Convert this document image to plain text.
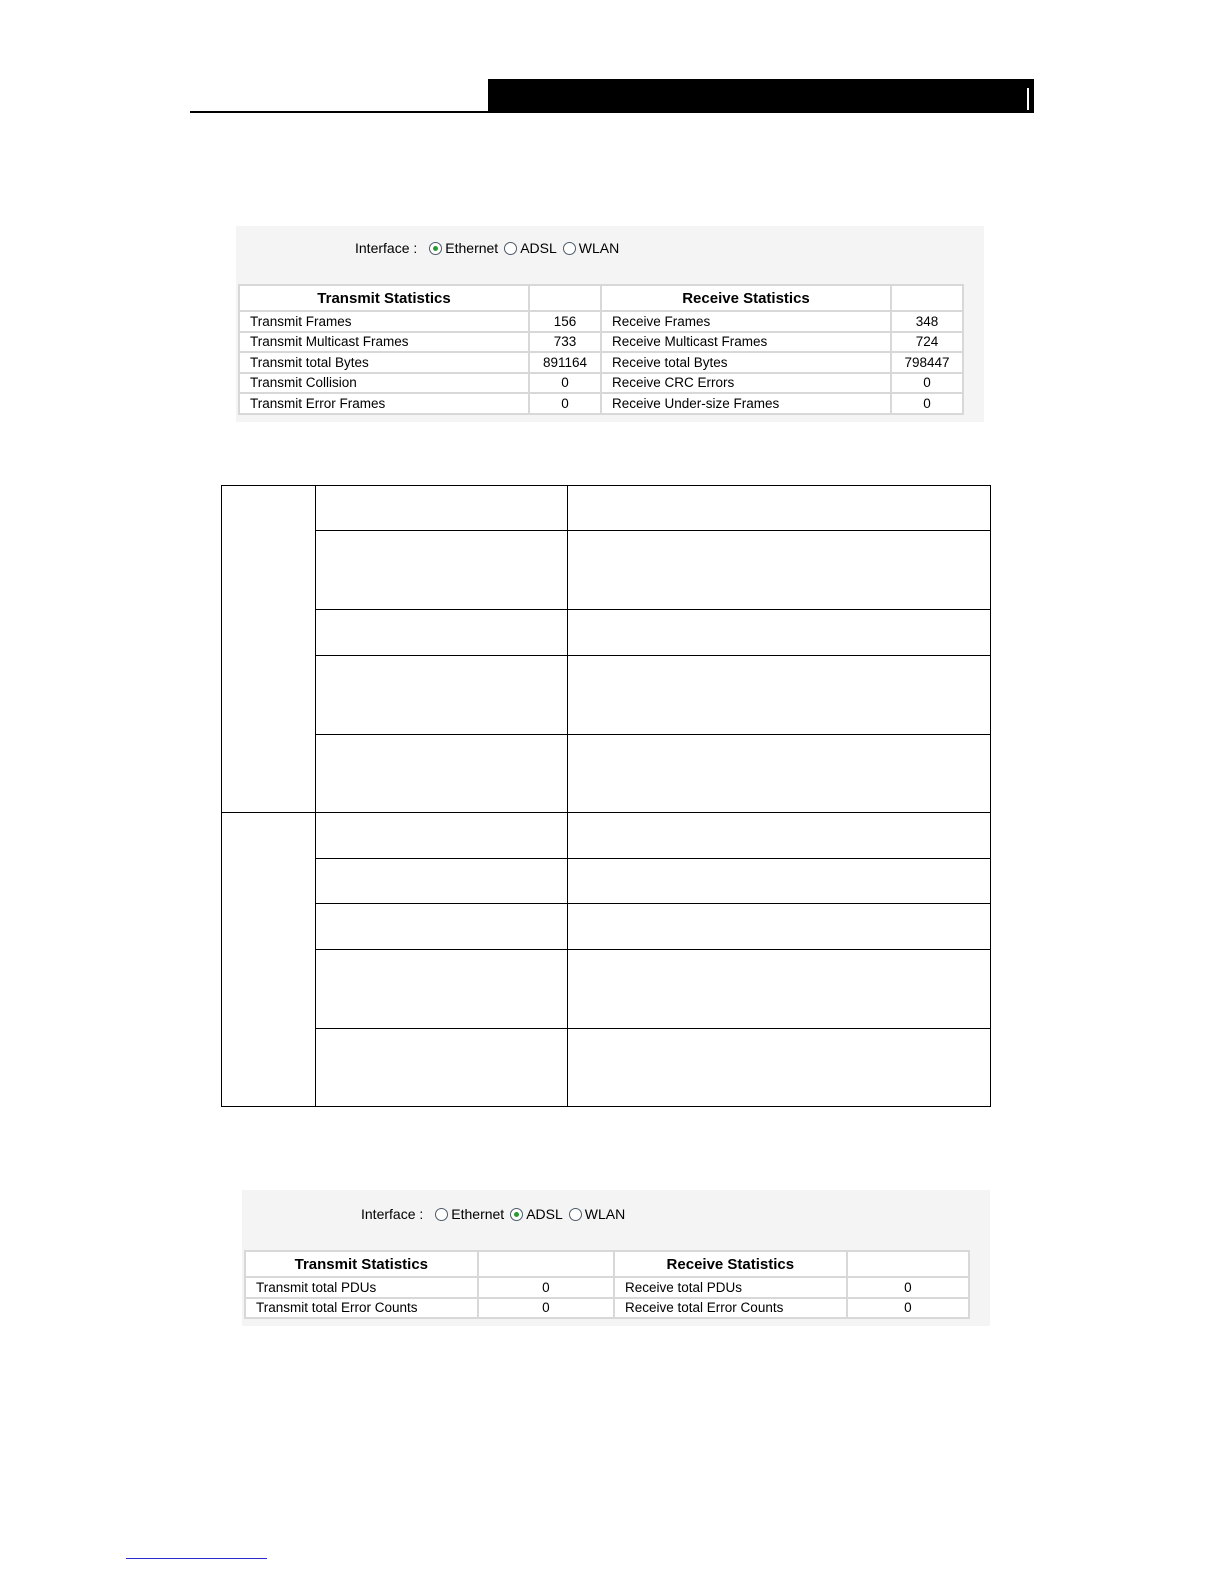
Interface : Ethernet ADSL WLAN
Transmit Statistics		Receive Statistics	
Transmit Frames	156	Receive Frames	348
Transmit Multicast Frames	733	Receive Multicast Frames	724
Transmit total Bytes	891164	Receive total Bytes	798447
Transmit Collision	0	Receive CRC Errors	0
Transmit Error Frames	0	Receive Under-size Frames	0
Interface : Ethernet ADSL WLAN
Transmit Statistics		Receive Statistics	
Transmit total PDUs	0	Receive total PDUs	0
Transmit total Error Counts	0	Receive total Error Counts	0
